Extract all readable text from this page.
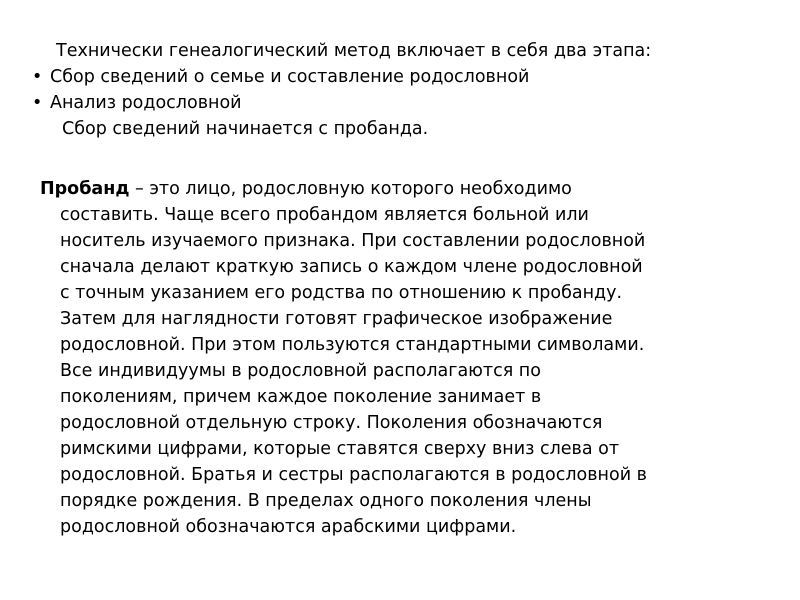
Технически генеалогический метод включает в себя два этапа:
• Сбор сведений о семье и составление родословной
• Анализ родословной
Сбор сведений начинается с пробанда.
Пробанд – это лицо, родословную которого необходимо
составить. Чаще всего пробандом является больной или
носитель изучаемого признака. При составлении родословной
сначала делают краткую запись о каждом члене родословной
с точным указанием его родства по отношению к пробанду.
Затем для наглядности готовят графическое изображение
родословной. При этом пользуются стандартными символами.
Все индивидуумы в родословной располагаются по
поколениям, причем каждое поколение занимает в
родословной отдельную строку. Поколения обозначаются
римскими цифрами, которые ставятся сверху вниз слева от
родословной. Братья и сестры располагаются в родословной в
порядке рождения. В пределах одного поколения члены
родословной обозначаются арабскими цифрами.
